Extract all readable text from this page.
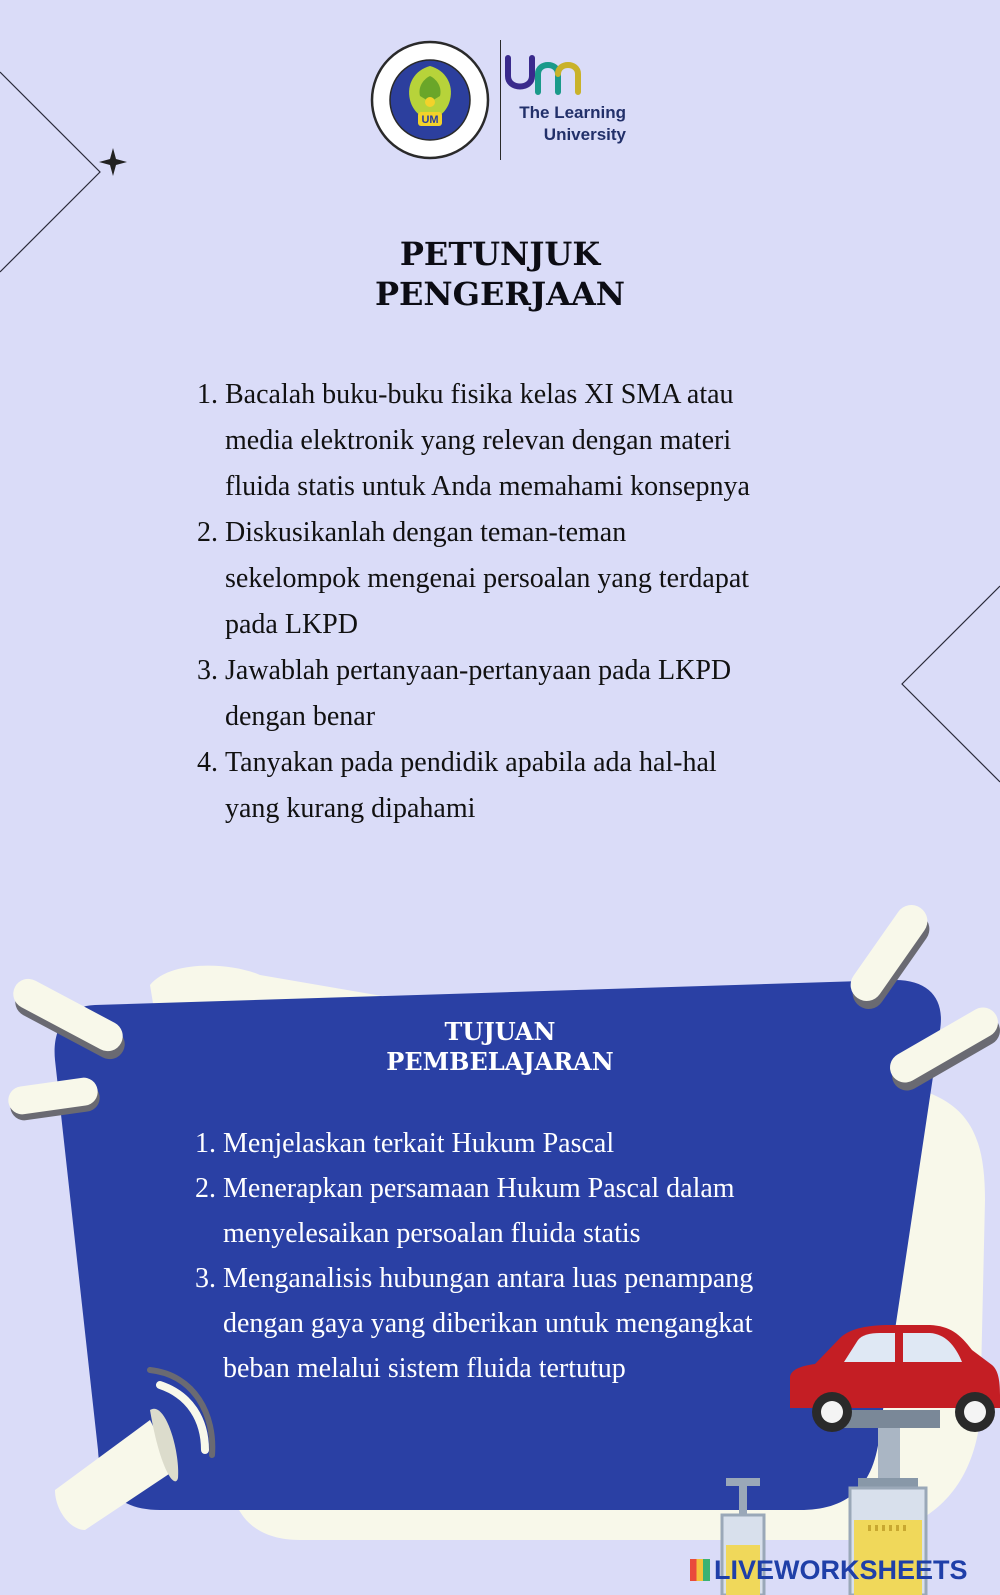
UM	The Learning
University
PETUNJUK
PENGERJAAN
1. Bacalah buku-buku fisika kelas XI SMA atau
media elektronik yang relevan dengan materi
fluida statis untuk Anda memahami konsepnya
2. Diskusikanlah dengan teman-teman
sekelompok mengenai persoalan yang terdapat
pada LKPD
3. Jawablah pertanyaan-pertanyaan pada LKPD
dengan benar
4. Tanyakan pada pendidik apabila ada hal-hal
yang kurang dipahami
TUJUAN
PEMBELAJARAN
1. Menjelaskan terkait Hukum Pascal
2. Menerapkan persamaan Hukum Pascal dalam
menyelesaikan persoalan fluida statis
3. Menganalisis hubungan antara luas penampang
dengan gaya yang diberikan untuk mengangkat
beban melalui sistem fluida tertutup
LIVEWORKSHEETS
